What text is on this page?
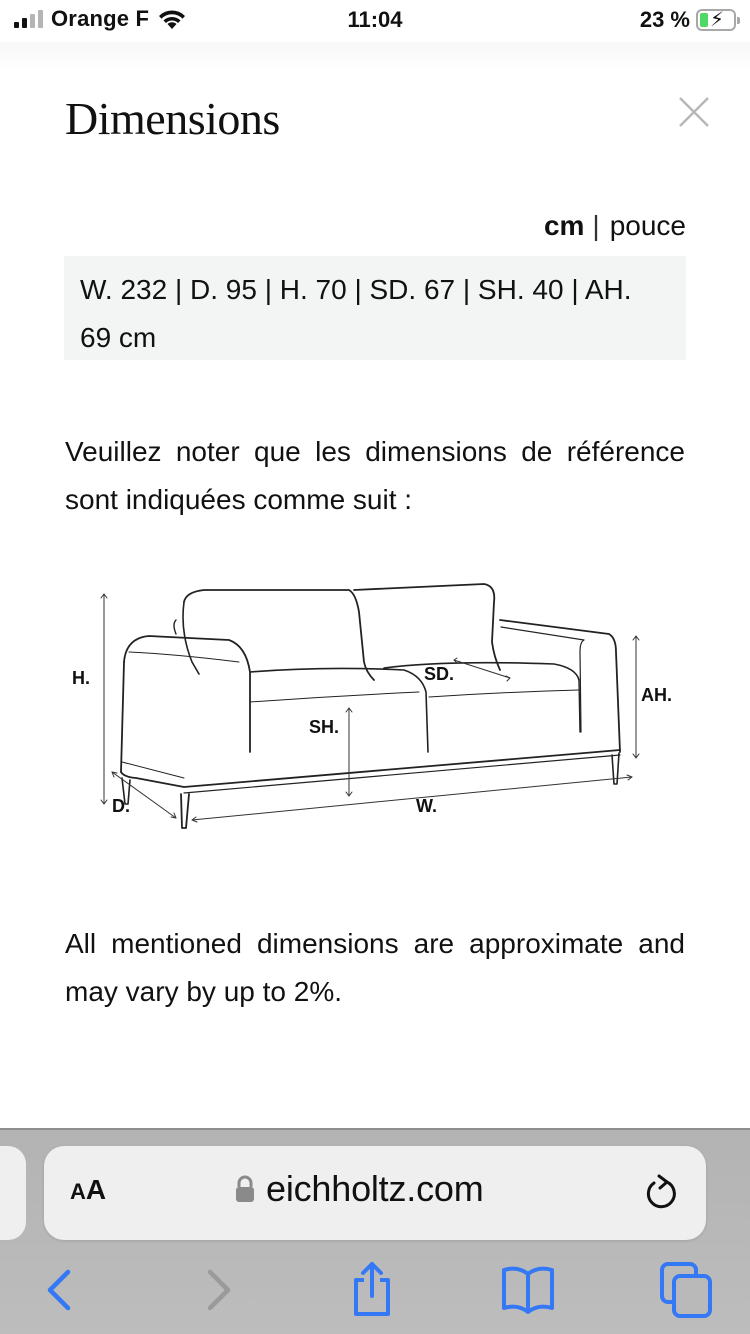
Orange F	11:04	23 % ⚡
Dimensions
cm | pouce
W. 232 | D. 95 | H. 70 | SD. 67 | SH. 40 | AH. 69 cm

Veuillez noter que les dimensions de référence sont indiquées comme suit :

H.
D.	W.
SH.
SD.
AH.

All mentioned dimensions are approximate and may vary by up to 2%.

AA	eichholtz.com
